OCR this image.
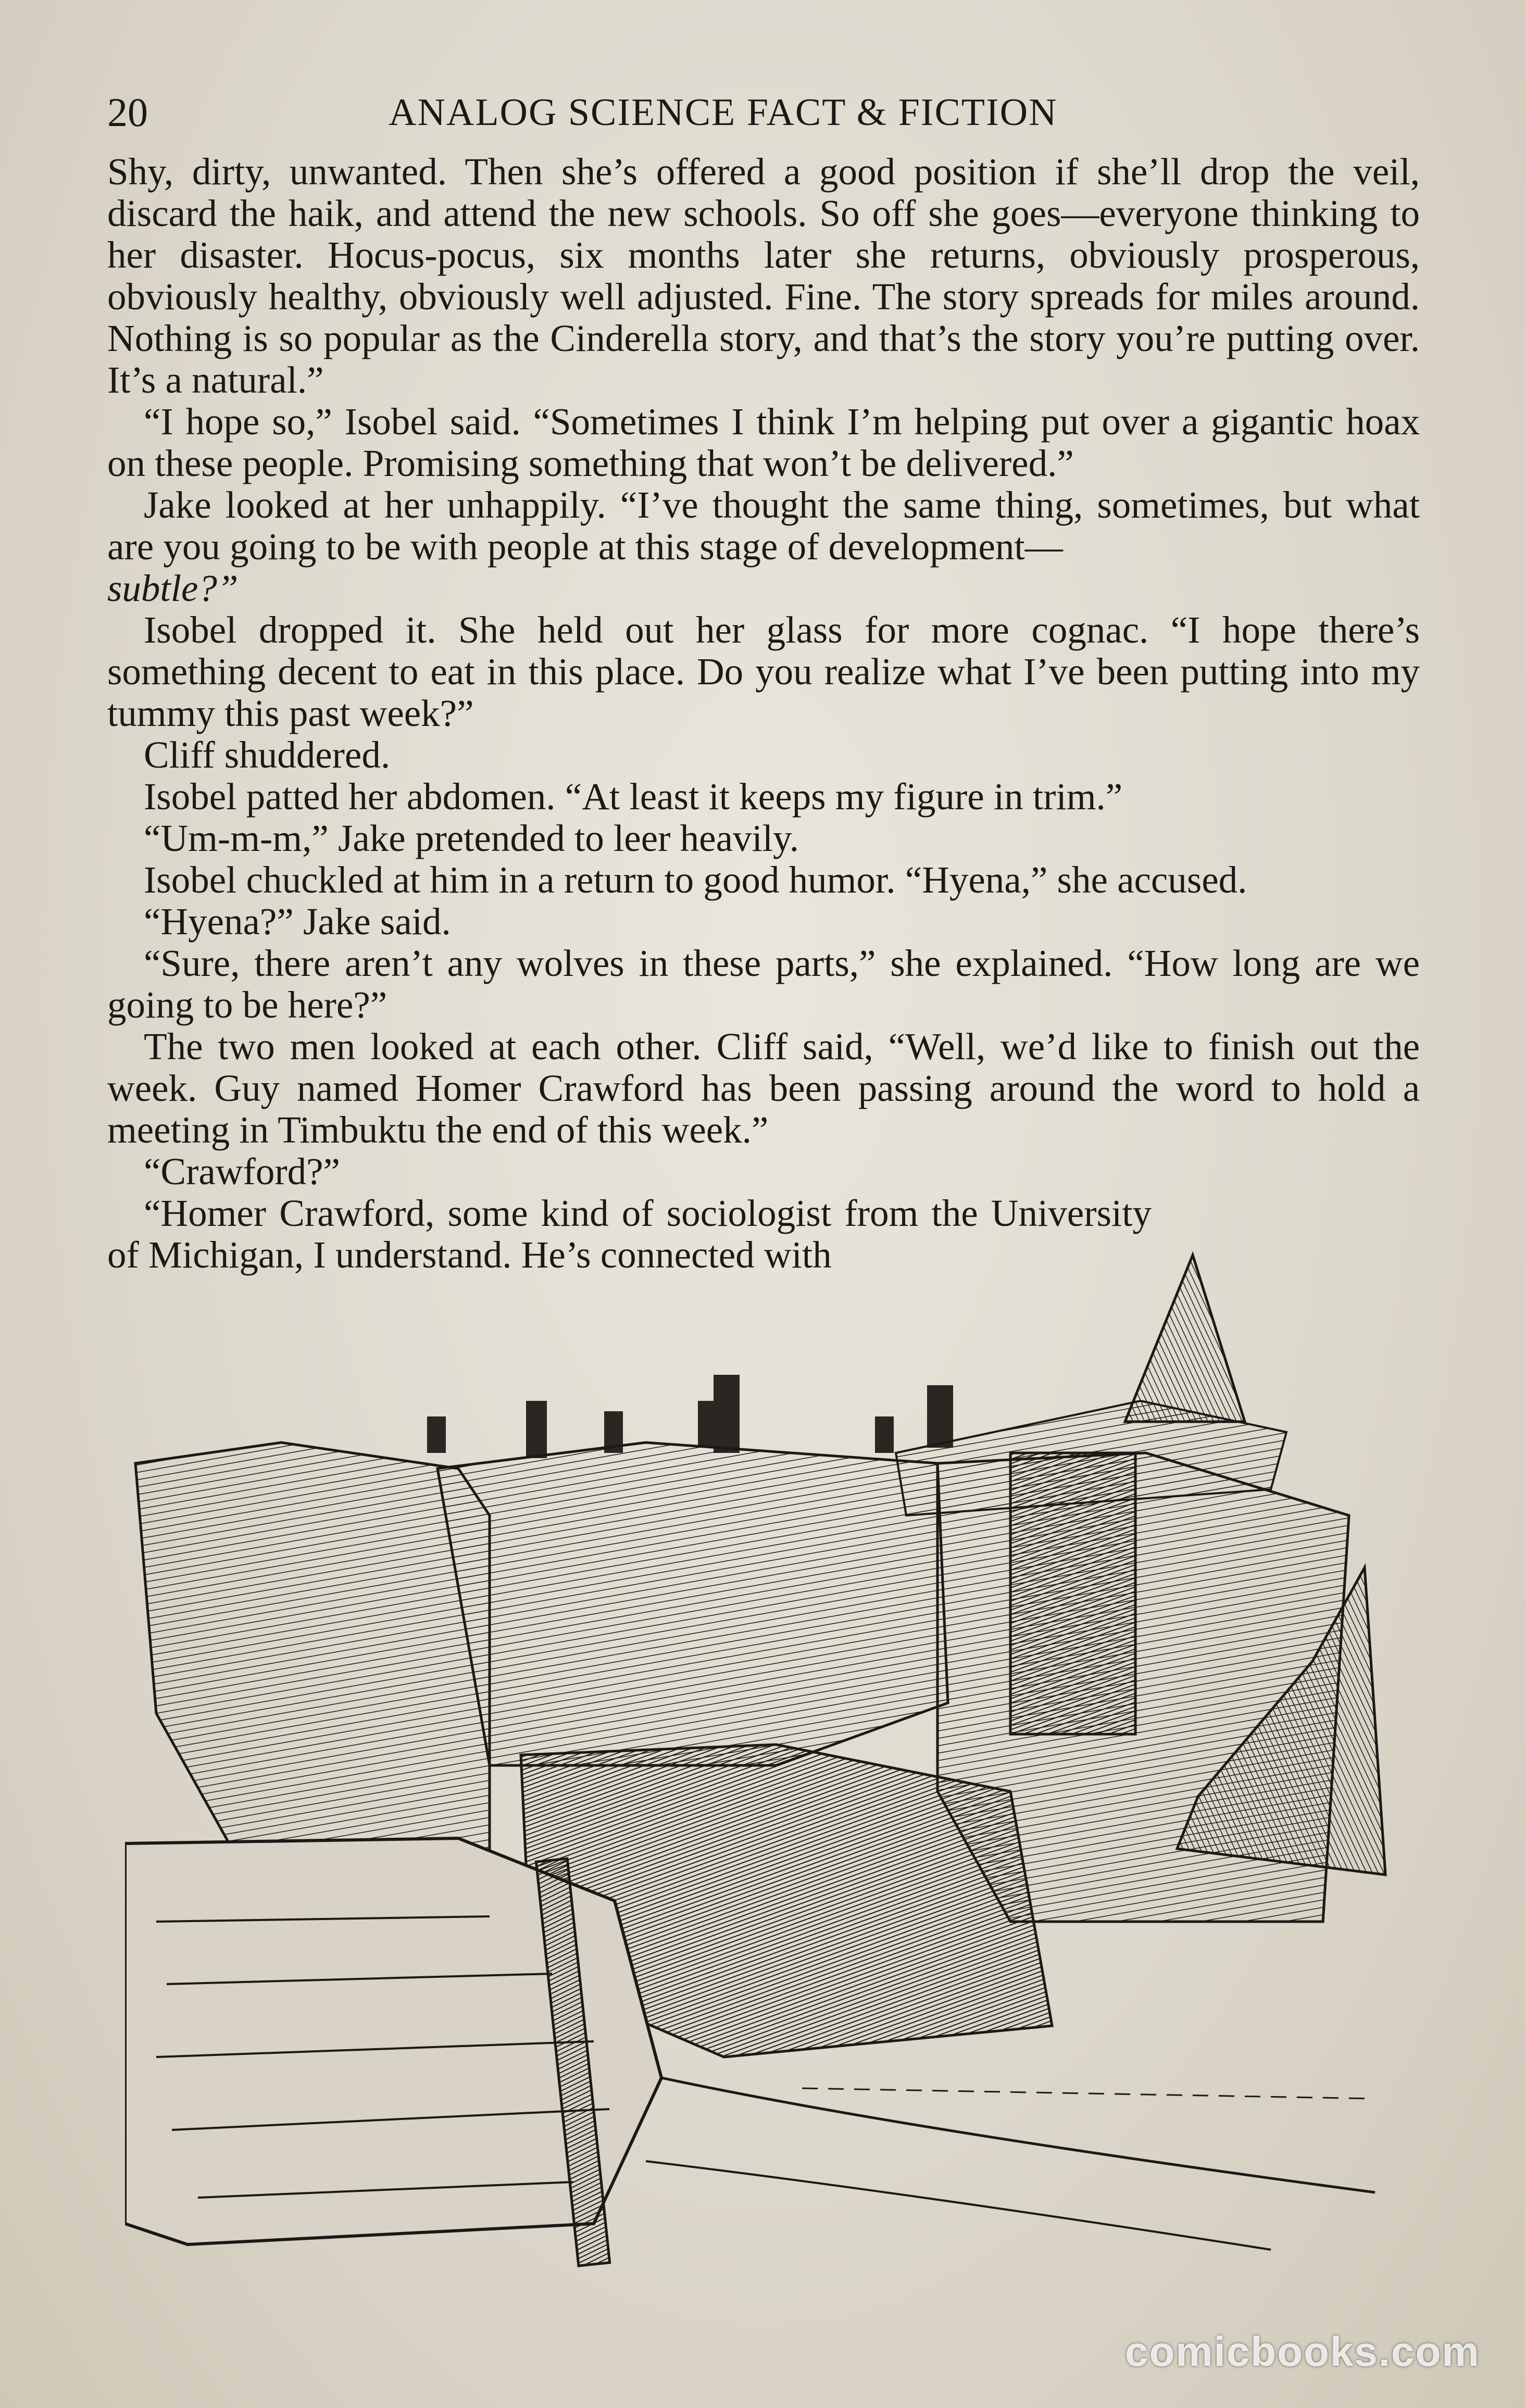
20	ANALOG SCIENCE FACT & FICTION

Shy, dirty, unwanted. Then she’s offered a good position if she’ll drop the veil, discard the haik, and attend the new schools. So off she goes—everyone thinking to her disaster. Hocus-pocus, six months later she returns, obviously prosperous, obviously healthy, obviously well adjusted. Fine. The story spreads for miles around. Nothing is so popular as the Cinderella story, and that’s the story you’re putting over. It’s a natural.”

“I hope so,” Isobel said. “Sometimes I think I’m helping put over a gigantic hoax on these people. Promising something that won’t be delivered.”

Jake looked at her unhappily. “I’ve thought the same thing, sometimes, but what are you going to be with people at this stage of development—
subtle?”

Isobel dropped it. She held out her glass for more cognac. “I hope there’s something decent to eat in this place. Do you realize what I’ve been putting into my tummy this past week?”

Cliff shuddered.

Isobel patted her abdomen. “At least it keeps my figure in trim.”

“Um-m-m,” Jake pretended to leer heavily.

Isobel chuckled at him in a return to good humor. “Hyena,” she accused.

“Hyena?” Jake said.

“Sure, there aren’t any wolves in these parts,” she explained. “How long are we going to be here?”

The two men looked at each other. Cliff said, “Well, we’d like to finish out the week. Guy named Homer Crawford has been passing around the word to hold a meeting in Timbuktu the end of this week.”

“Crawford?”

“Homer Crawford, some kind of sociologist from the University of Michigan, I understand. He’s connected with

comicbooks.com
